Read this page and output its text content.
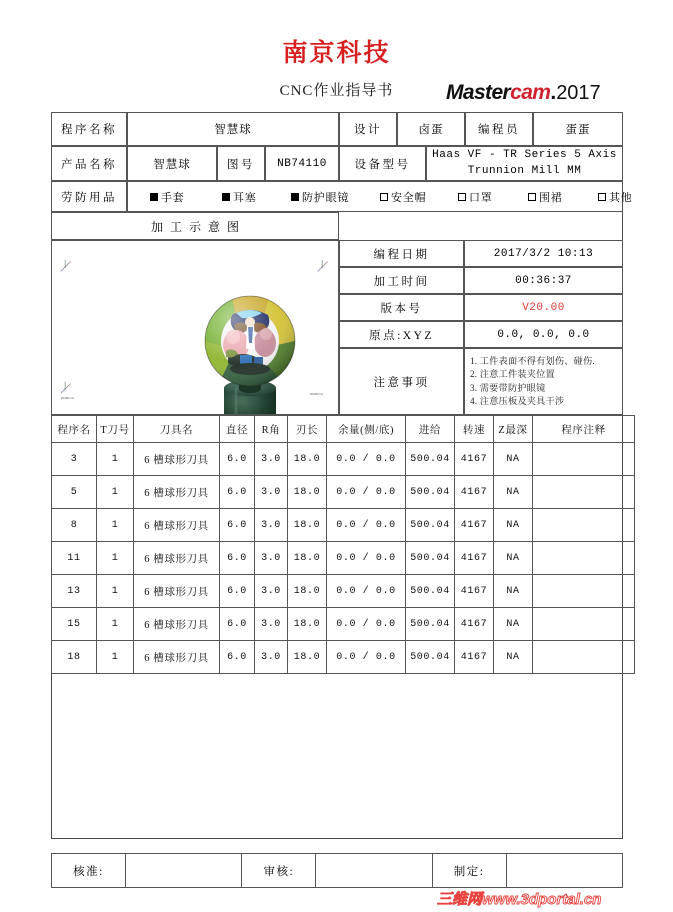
南京科技
CNC作业指导书	Mastercam.2017
程序名称	智慧球	设计	卤蛋	编程员	蛋蛋
产品名称	智慧球	图号	NB74110	设备型号
Haas VF - TR Series 5 Axis
Trunnion Mill MM
劳防用品	手套	耳塞	防护眼镜	安全帽	口罩	围裙	其他
加工示意图
20.000 mm
20.000 mm
编程日期	2017/3/2 10:13
加工时间	00:36:37
版本号	V20.00
原点:XYZ	0.0, 0.0, 0.0
注意事项
1. 工件表面不得有划伤、碰伤.
2. 注意工件装夹位置
3. 需要带防护眼镜
4. 注意压板及夹具干涉
程序名	T刀号	刀具名	直径	R角	刃长	余量(侧/底)	进给	转速	Z最深	程序注释
3	1	6 槽球形刀具	6.0	3.0	18.0	0.0 / 0.0	500.04	4167	NA	
5	1	6 槽球形刀具	6.0	3.0	18.0	0.0 / 0.0	500.04	4167	NA	
8	1	6 槽球形刀具	6.0	3.0	18.0	0.0 / 0.0	500.04	4167	NA	
11	1	6 槽球形刀具	6.0	3.0	18.0	0.0 / 0.0	500.04	4167	NA	
13	1	6 槽球形刀具	6.0	3.0	18.0	0.0 / 0.0	500.04	4167	NA	
15	1	6 槽球形刀具	6.0	3.0	18.0	0.0 / 0.0	500.04	4167	NA	
18	1	6 槽球形刀具	6.0	3.0	18.0	0.0 / 0.0	500.04	4167	NA	
核准:	审核:	制定:
三维网www.3dportal.cn
